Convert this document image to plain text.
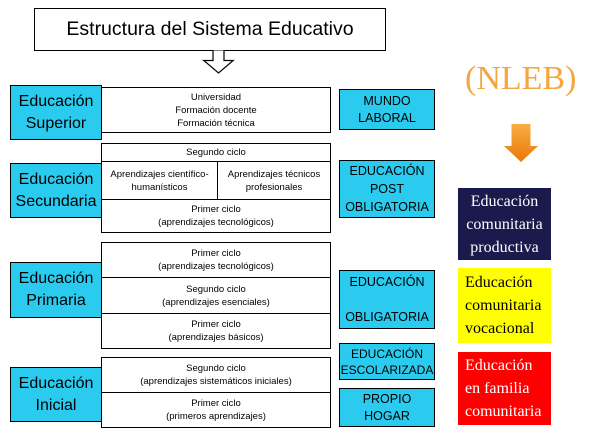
Estructura del Sistema Educativo
(NLEB)
Educación
Superior
Universidad
Formación docente
Formación técnica
Educación
Secundaria
Segundo ciclo
Aprendizajes científico-
humanísticos
Aprendizajes técnicos
profesionales
Primer ciclo
(aprendizajes tecnológicos)
Educación
Primaria
Primer ciclo
(aprendizajes tecnológicos)
Segundo ciclo
(aprendizajes esenciales)
Primer ciclo
(aprendizajes básicos)
Educación
Inicial
Segundo ciclo
(aprendizajes sistemáticos iniciales)
Primer ciclo
(primeros aprendizajes)
MUNDO
LABORAL
EDUCACIÓN
POST
OBLIGATORIA
EDUCACIÓN
OBLIGATORIA
EDUCACIÓN
ESCOLARIZADA
PROPIO
HOGAR
Educación
comunitaria
productiva
Educación
comunitaria
vocacional
Educación
en familia
comunitaria
